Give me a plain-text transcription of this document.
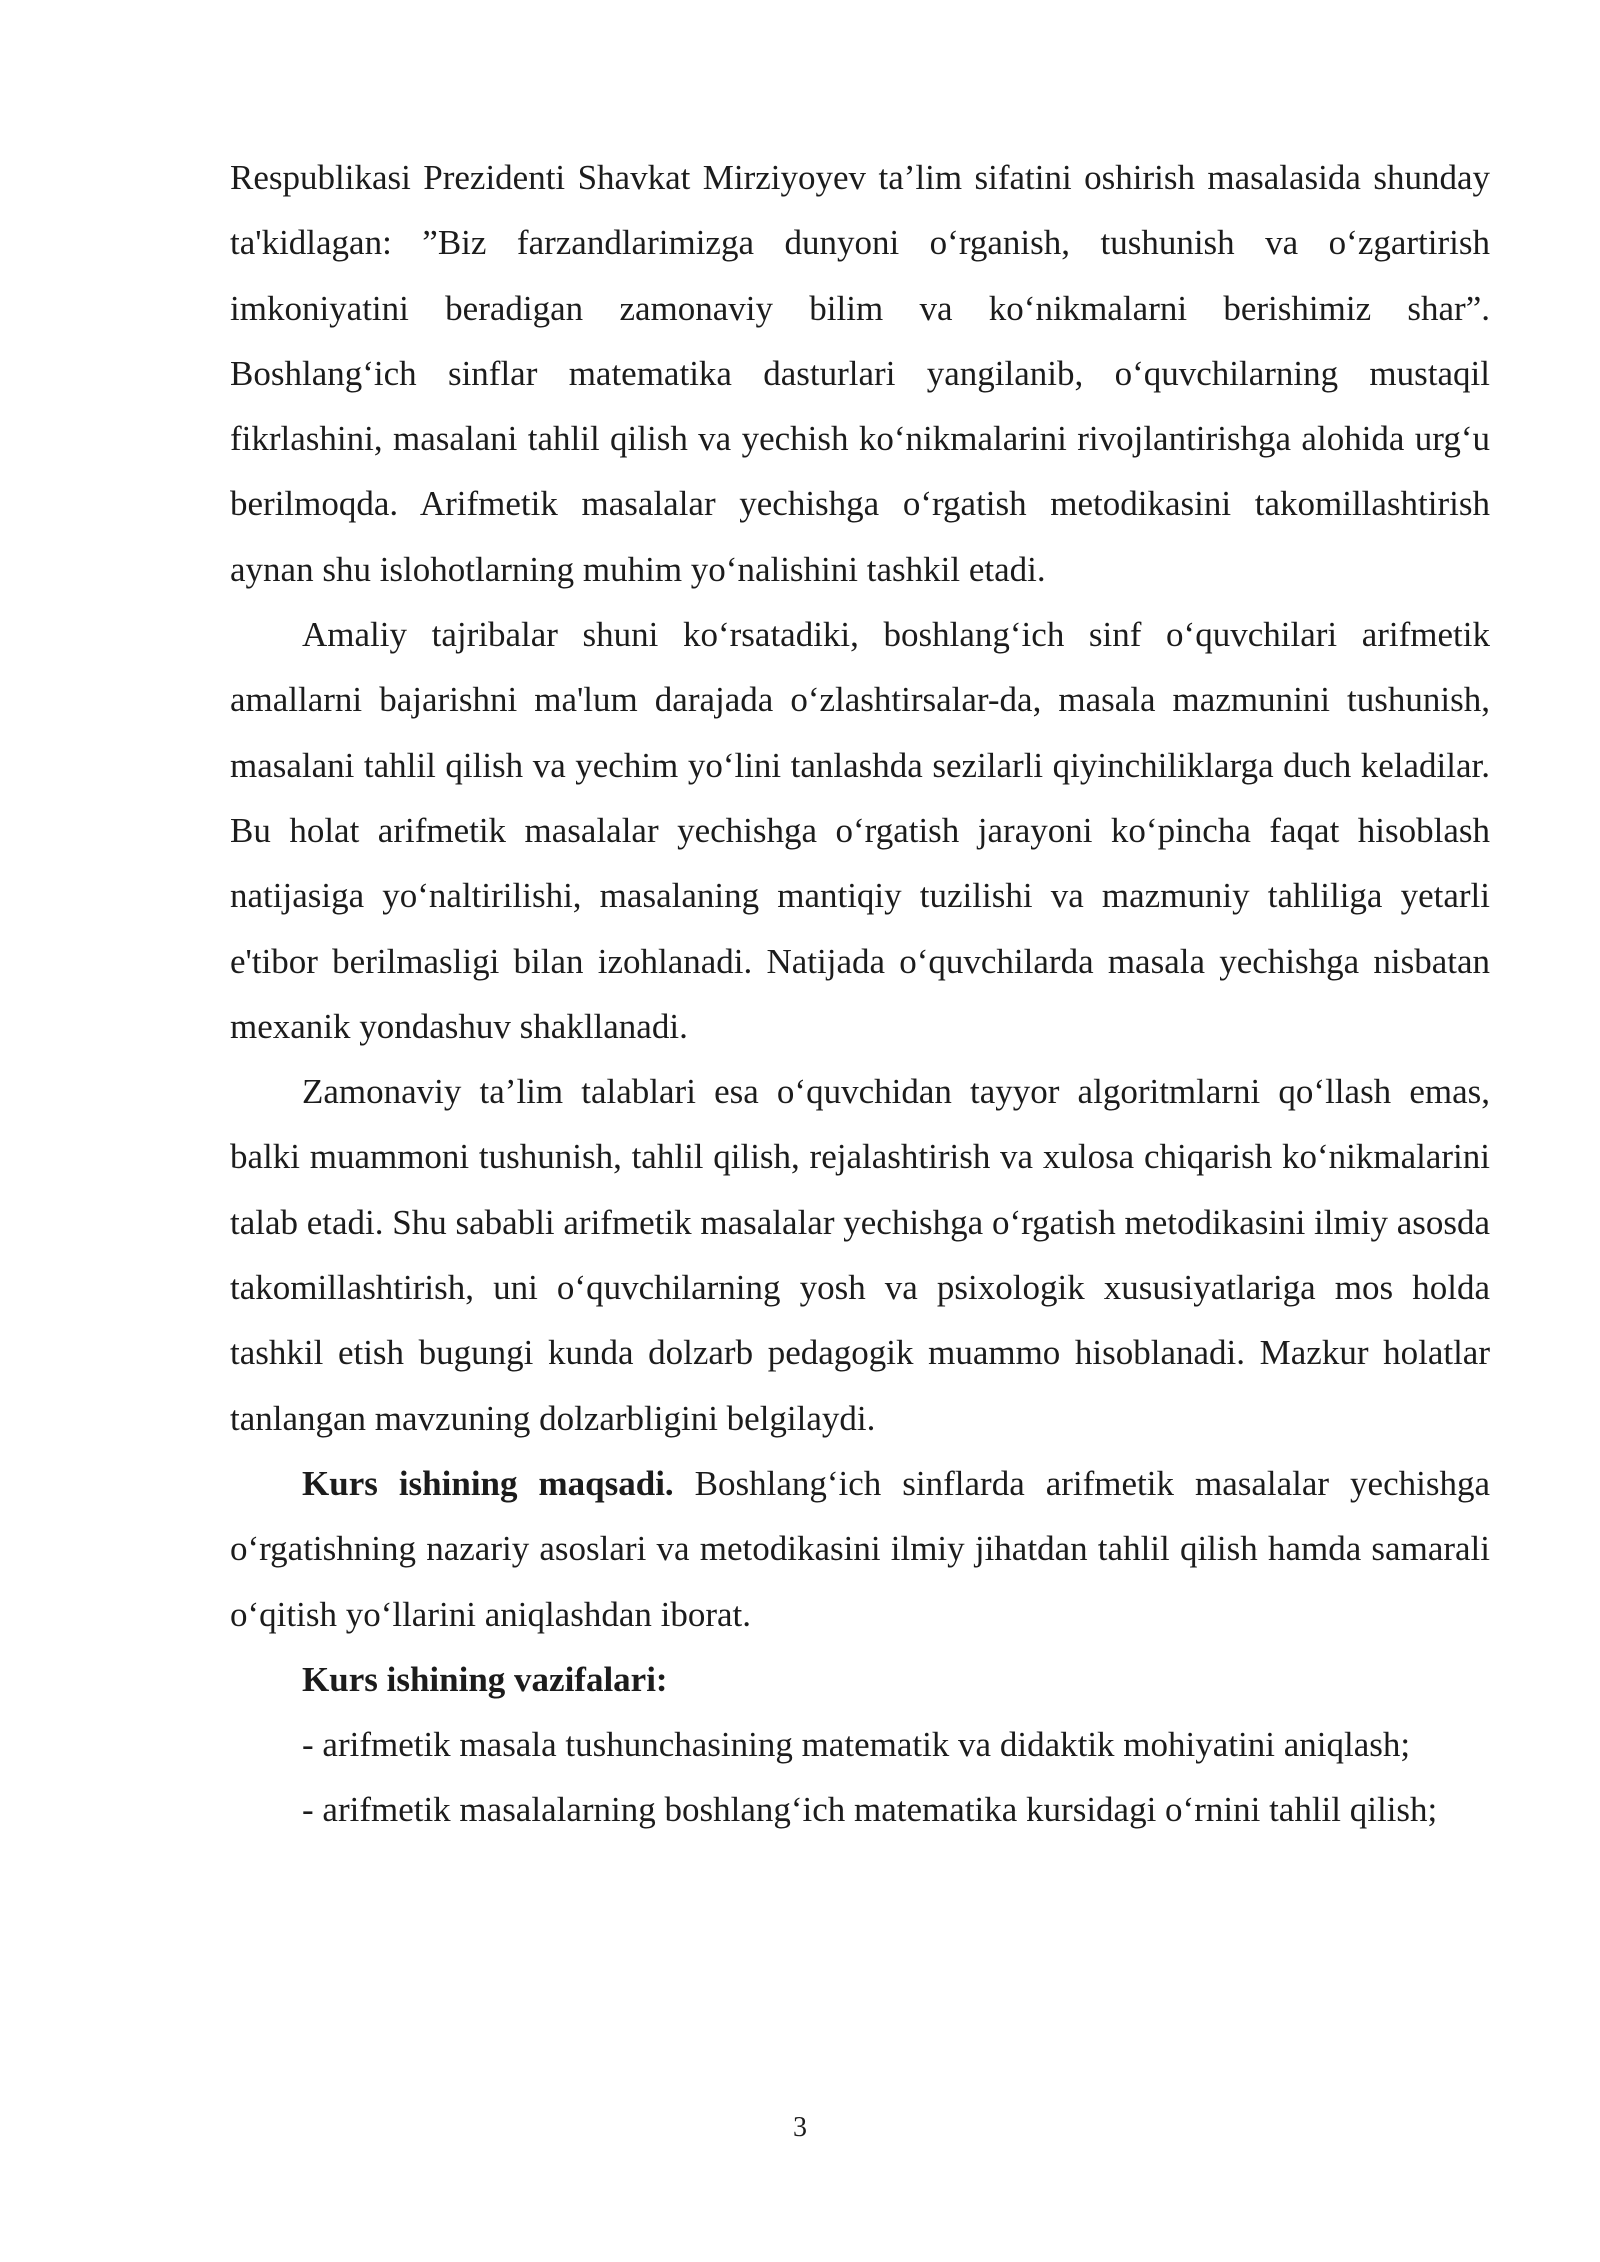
Respublikasi Prezidenti Shavkat Mirziyoyev ta’lim sifatini oshirish masalasida shunday ta'kidlagan: ”Biz farzandlarimizga dunyoni o‘rganish, tushunish va o‘zgartirish imkoniyatini beradigan zamonaviy bilim va ko‘nikmalarni berishimiz shar”. Boshlang‘ich sinflar matematika dasturlari yangilanib, o‘quvchilarning mustaqil fikrlashini, masalani tahlil qilish va yechish ko‘nikmalarini rivojlantirishga alohida urg‘u berilmoqda. Arifmetik masalalar yechishga o‘rgatish metodikasini takomillashtirish aynan shu islohotlarning muhim yo‘nalishini tashkil etadi.

Amaliy tajribalar shuni ko‘rsatadiki, boshlang‘ich sinf o‘quvchilari arifmetik amallarni bajarishni ma'lum darajada o‘zlashtirsalar-da, masala mazmunini tushunish, masalani tahlil qilish va yechim yo‘lini tanlashda sezilarli qiyinchiliklarga duch keladilar. Bu holat arifmetik masalalar yechishga o‘rgatish jarayoni ko‘pincha faqat hisoblash natijasiga yo‘naltirilishi, masalaning mantiqiy tuzilishi va mazmuniy tahliliga yetarli e'tibor berilmasligi bilan izohlanadi. Natijada o‘quvchilarda masala yechishga nisbatan mexanik yondashuv shakllanadi.

Zamonaviy ta’lim talablari esa o‘quvchidan tayyor algoritmlarni qo‘llash emas, balki muammoni tushunish, tahlil qilish, rejalashtirish va xulosa chiqarish ko‘nikmalarini talab etadi. Shu sababli arifmetik masalalar yechishga o‘rgatish metodikasini ilmiy asosda takomillashtirish, uni o‘quvchilarning yosh va psixologik xususiyatlariga mos holda tashkil etish bugungi kunda dolzarb pedagogik muammo hisoblanadi. Mazkur holatlar tanlangan mavzuning dolzarbligini belgilaydi.

Kurs ishining maqsadi. Boshlang‘ich sinflarda arifmetik masalalar yechishga o‘rgatishning nazariy asoslari va metodikasini ilmiy jihatdan tahlil qilish hamda samarali o‘qitish yo‘llarini aniqlashdan iborat.

Kurs ishining vazifalari:

- arifmetik masala tushunchasining matematik va didaktik mohiyatini aniqlash;

- arifmetik masalalarning boshlang‘ich matematika kursidagi o‘rnini tahlil qilish;

3
